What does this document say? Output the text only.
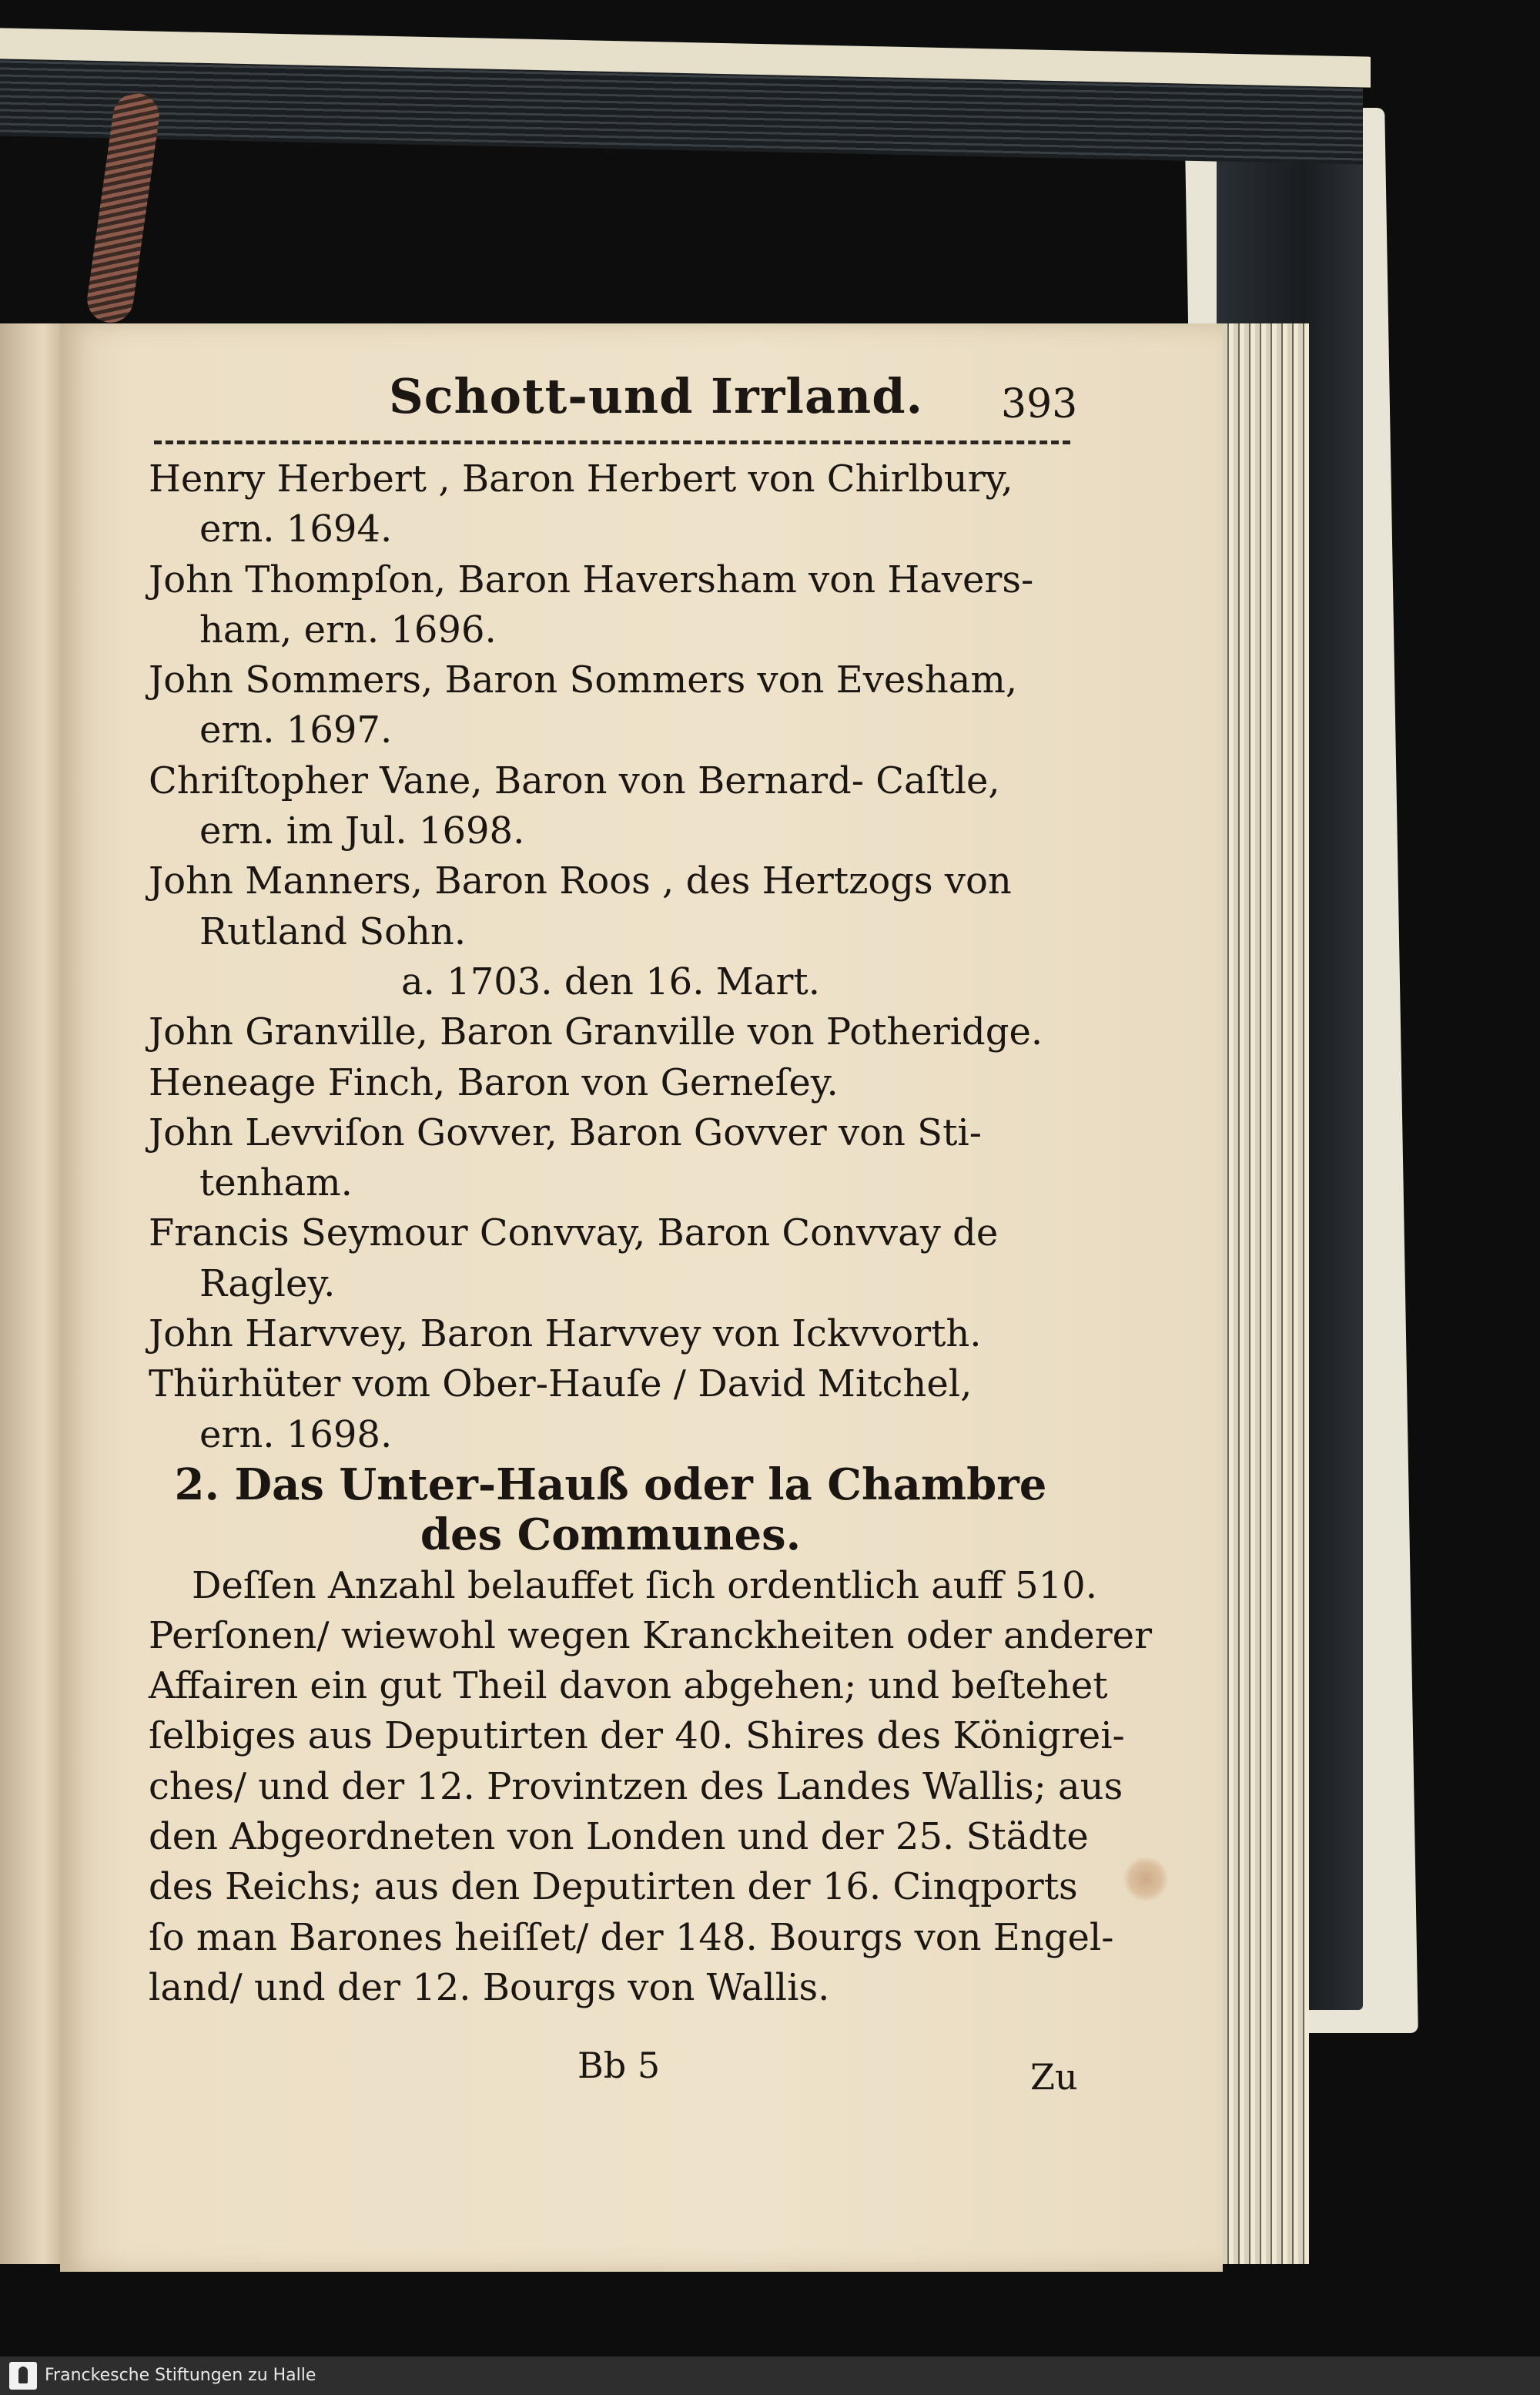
Schott-und Irrland. 393
Henry Herbert , Baron Herbert von Chirlbury,
ern. 1694.
John Thompſon, Baron Haversham von Havers-
ham, ern. 1696.
John Sommers, Baron Sommers von Evesham,
ern. 1697.
Chriſtopher Vane, Baron von Bernard- Caſtle,
ern. im Jul. 1698.
John Manners, Baron Roos , des Hertzogs von
Rutland Sohn.
a. 1703. den 16. Mart.
John Granville, Baron Granville von Potheridge.
Heneage Finch, Baron von Gerneſey.
John Levviſon Govver, Baron Govver von Sti-
tenham.
Francis Seymour Convvay, Baron Convvay de
Ragley.
John Harvvey, Baron Harvvey von Ickvvorth.
Thürhüter vom Ober-Hauſe / David Mitchel,
ern. 1698.
2. Das Unter-Hauß oder la Chambre
des Communes.
Deſſen Anzahl belauffet ſich ordentlich auff 510.
Perſonen/ wiewohl wegen Kranckheiten oder anderer
Affairen ein gut Theil davon abgehen; und beſtehet
ſelbiges aus Deputirten der 40. Shires des Königrei-
ches/ und der 12. Provintzen des Landes Wallis; aus
den Abgeordneten von Londen und der 25. Städte
des Reichs; aus den Deputirten der 16. Cinqports
ſo man Barones heiſſet/ der 148. Bourgs von Engel-
land/ und der 12. Bourgs von Wallis.
Bb 5	Zu
Franckesche Stiftungen zu Halle
